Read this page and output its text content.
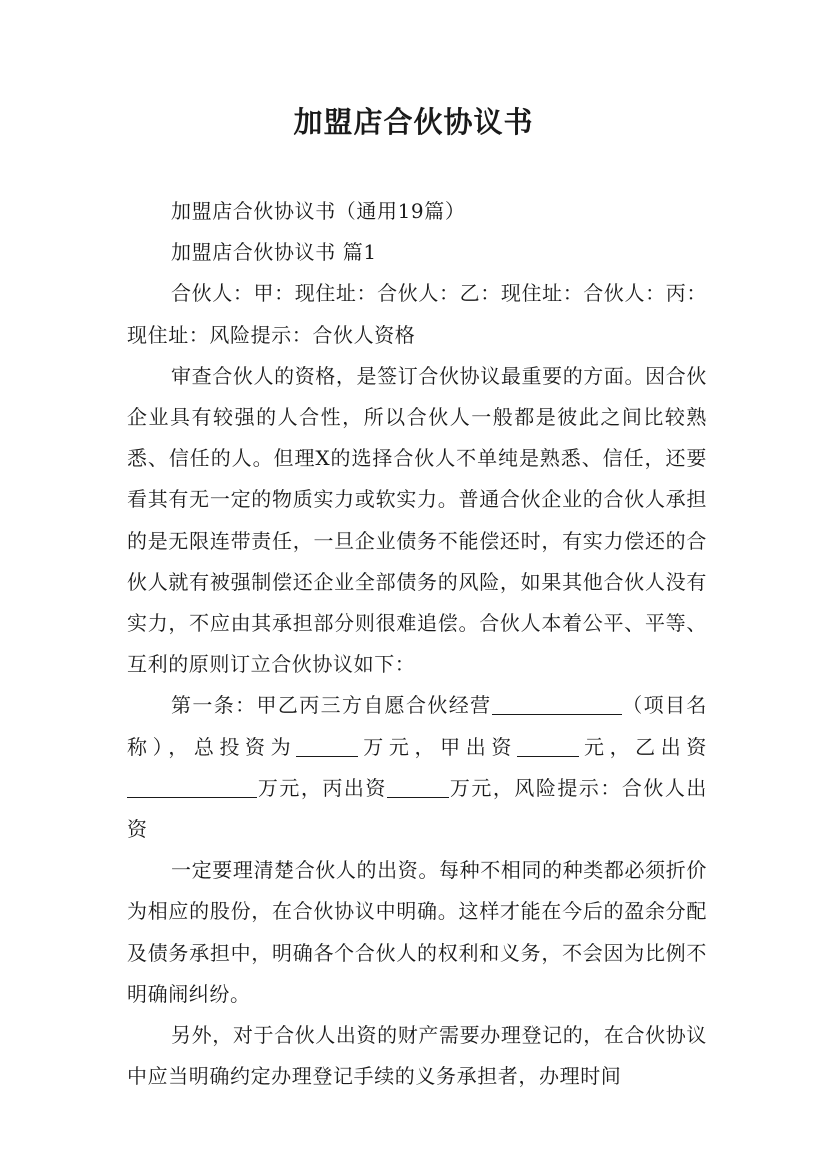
加盟店合伙协议书

加盟店合伙协议书（通用19篇）

加盟店合伙协议书 篇1

合伙人：甲：现住址：合伙人：乙：现住址：合伙人：丙：现住址：风险提示：合伙人资格

审查合伙人的资格，是签订合伙协议最重要的方面。因合伙企业具有较强的人合性，所以合伙人一般都是彼此之间比较熟悉、信任的人。但理X的选择合伙人不单纯是熟悉、信任，还要看其有无一定的物质实力或软实力。普通合伙企业的合伙人承担的是无限连带责任，一旦企业债务不能偿还时，有实力偿还的合伙人就有被强制偿还企业全部债务的风险，如果其他合伙人没有实力，不应由其承担部分则很难追偿。合伙人本着公平、平等、互利的原则订立合伙协议如下：

第一条：甲乙丙三方自愿合伙经营	（项目名称），总投资为	万元，甲出资	元，乙出资万元，丙出资	万元，风险提示：合伙人出资

一定要理清楚合伙人的出资。每种不相同的种类都必须折价为相应的股份，在合伙协议中明确。这样才能在今后的盈余分配及债务承担中，明确各个合伙人的权利和义务，不会因为比例不明确闹纠纷。

另外，对于合伙人出资的财产需要办理登记的，在合伙协议中应当明确约定办理登记手续的义务承担者，办理时间
